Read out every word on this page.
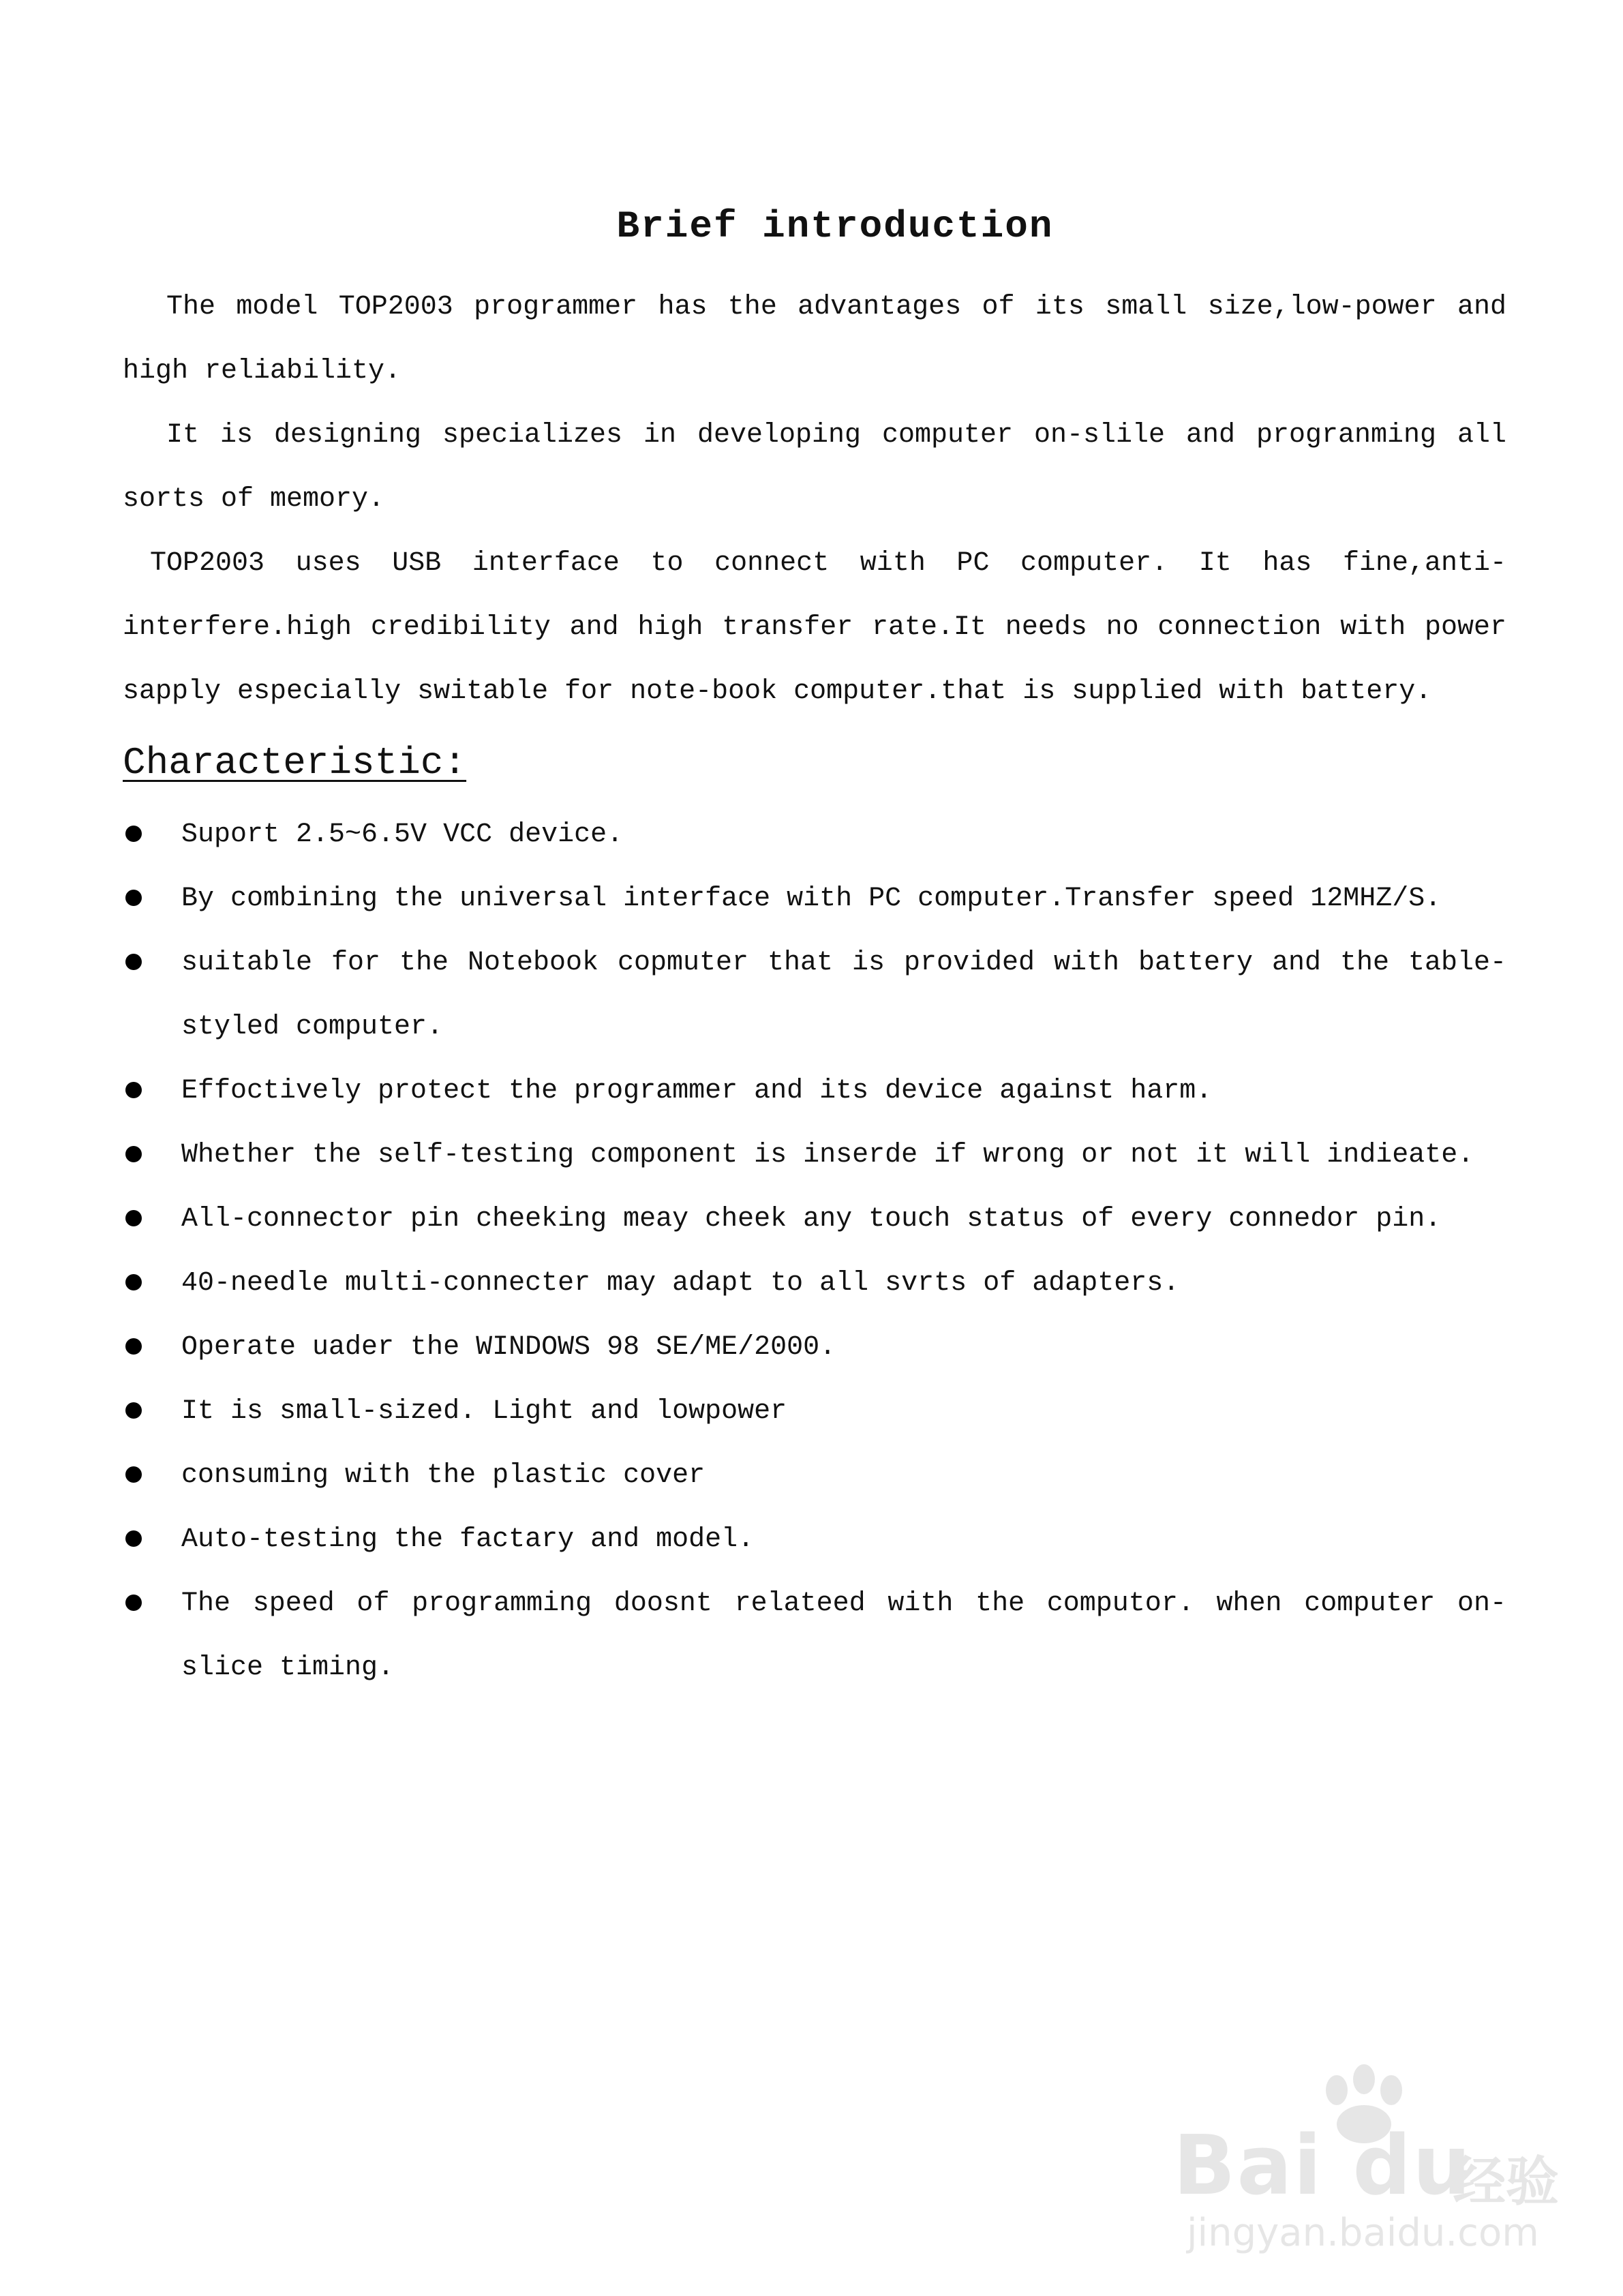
Brief introduction

The model TOP2003 programmer has the advantages of its small size,low-power and high reliability.

It is designing specializes in developing computer on-slile and progranming all sorts of memory.

TOP2003 uses USB interface to connect with PC computer. It has fine,anti-interfere.high credibility and high transfer rate.It needs no connection with power sapply especially switable for note-book computer.that is supplied with battery.

Characteristic:
Suport 2.5~6.5V VCC device.
By combining the universal interface with PC computer.Transfer speed 12MHZ/S.
suitable for the Notebook copmuter that is provided with battery and the table-styled computer.
Effoctively protect the programmer and its device against harm.
Whether the self-testing component is inserde if wrong or not it will indieate.
All-connector pin cheeking meay cheek any touch status of every connedor pin.
40-needle multi-connecter may adapt to all svrts of adapters.
Operate uader the WINDOWS 98 SE/ME/2000.
It is small-sized. Light and lowpower
consuming with the plastic cover
Auto-testing the factary and model.
The speed of programming doosnt relateed with the computor. when computer on-slice timing.
Bai du
经验
jingyan.baidu.com
